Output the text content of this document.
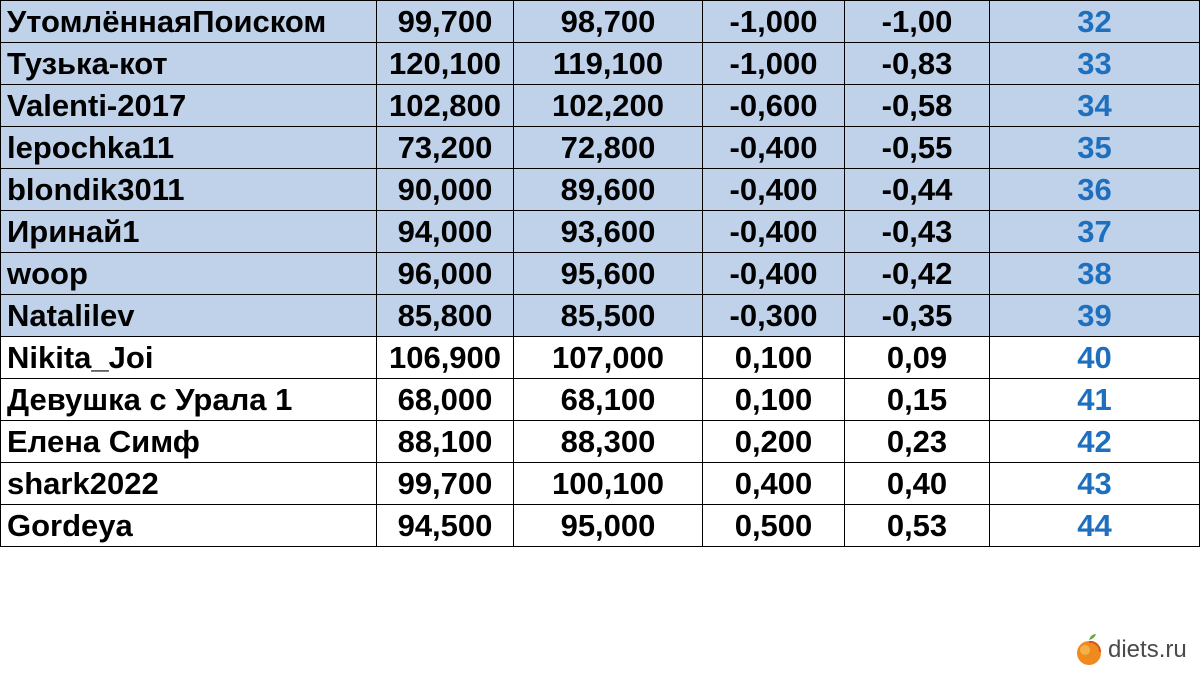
УтомлённаяПоиском	99,700	98,700	-1,000	-1,00	32
Тузька-кот	120,100	119,100	-1,000	-0,83	33
Valenti-2017	102,800	102,200	-0,600	-0,58	34
lepochka11	73,200	72,800	-0,400	-0,55	35
blondik3011	90,000	89,600	-0,400	-0,44	36
Иринай1	94,000	93,600	-0,400	-0,43	37
woop	96,000	95,600	-0,400	-0,42	38
Natalilev	85,800	85,500	-0,300	-0,35	39
Nikita_Joi	106,900	107,000	0,100	0,09	40
Девушка с Урала 1	68,000	68,100	0,100	0,15	41
Елена Симф	88,100	88,300	0,200	0,23	42
shark2022	99,700	100,100	0,400	0,40	43
Gordeya	94,500	95,000	0,500	0,53	44
diets.ru
